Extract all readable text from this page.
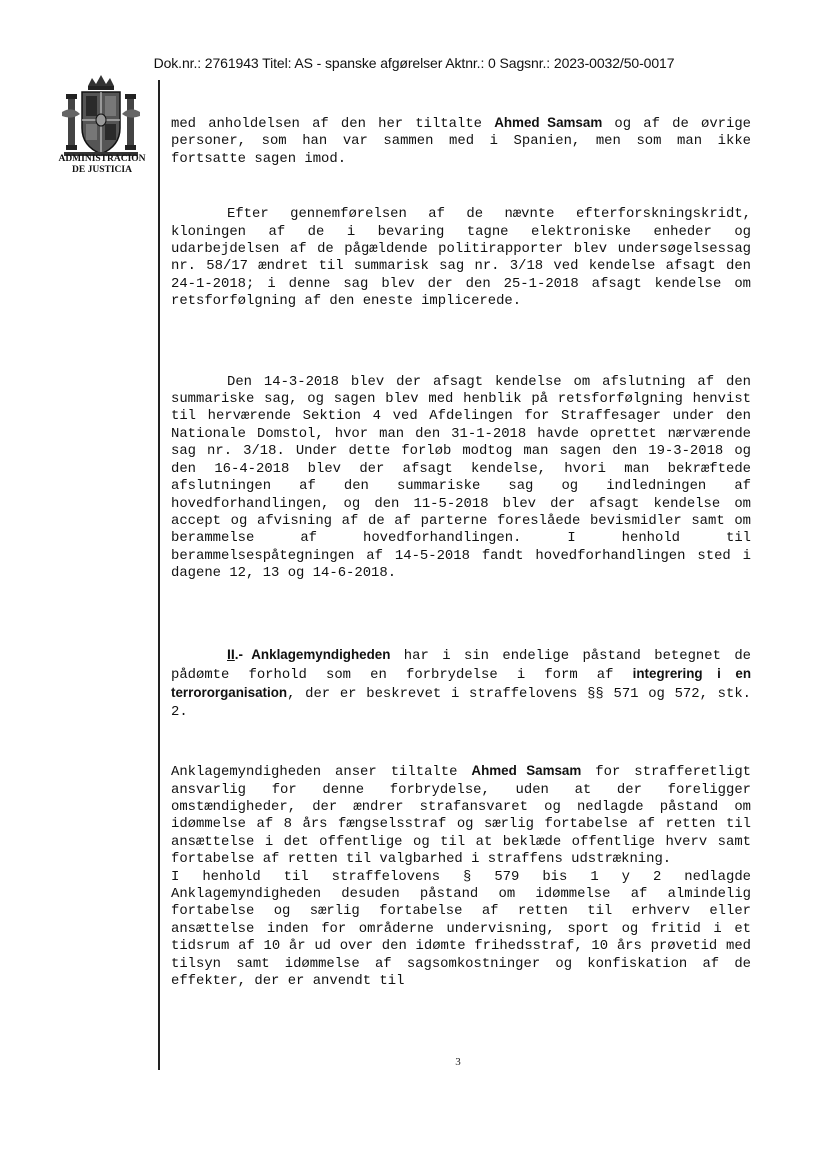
Dok.nr.: 2761943 Titel: AS - spanske afgørelser Aktnr.: 0 Sagsnr.: 2023-0032/50-0017
ADMINISTRACION
DE JUSTICIA

med anholdelsen af den her tiltalte Ahmed Samsam og af de øvrige personer, som han var sammen med i Spanien, men som man ikke fortsatte sagen imod.

Efter gennemførelsen af de nævnte efterforskningskridt, kloningen af de i bevaring tagne elektroniske enheder og udarbejdelsen af de pågældende politirapporter blev undersøgelsessag nr. 58/17 ændret til summarisk sag nr. 3/18 ved kendelse afsagt den 24-1-2018; i denne sag blev der den 25-1-2018 afsagt kendelse om retsforfølgning af den eneste implicerede.

Den 14-3-2018 blev der afsagt kendelse om afslutning af den summariske sag, og sagen blev med henblik på retsforfølgning henvist til herværende Sektion 4 ved Afdelingen for Straffesager under den Nationale Domstol, hvor man den 31-1-2018 havde oprettet nærværende sag nr. 3/18. Under dette forløb modtog man sagen den 19-3-2018 og den 16-4-2018 blev der afsagt kendelse, hvori man bekræftede afslutningen af den summariske sag og indledningen af hovedforhandlingen, og den 11-5-2018 blev der afsagt kendelse om accept og afvisning af de af parterne foreslåede bevismidler samt om berammelse af hovedforhandlingen. I henhold til berammelsespåtegningen af 14-5-2018 fandt hovedforhandlingen sted i dagene 12, 13 og 14-6-2018.

II.- Anklagemyndigheden har i sin endelige påstand betegnet de pådømte forhold som en forbrydelse i form af integrering i en terrororganisation, der er beskrevet i straffelovens §§ 571 og 572, stk. 2.

Anklagemyndigheden anser tiltalte Ahmed Samsam for strafferetligt ansvarlig for denne forbrydelse, uden at der foreligger omstændigheder, der ændrer strafansvaret og nedlagde påstand om idømmelse af 8 års fængselsstraf og særlig fortabelse af retten til ansættelse i det offentlige og til at beklæde offentlige hverv samt fortabelse af retten til valgbarhed i straffens udstrækning.

I henhold til straffelovens § 579 bis 1 y 2 nedlagde Anklagemyndigheden desuden påstand om idømmelse af almindelig fortabelse og særlig fortabelse af retten til erhverv eller ansættelse inden for områderne undervisning, sport og fritid i et tidsrum af 10 år ud over den idømte frihedsstraf, 10 års prøvetid med tilsyn samt idømmelse af sagsomkostninger og konfiskation af de effekter, der er anvendt til

3
